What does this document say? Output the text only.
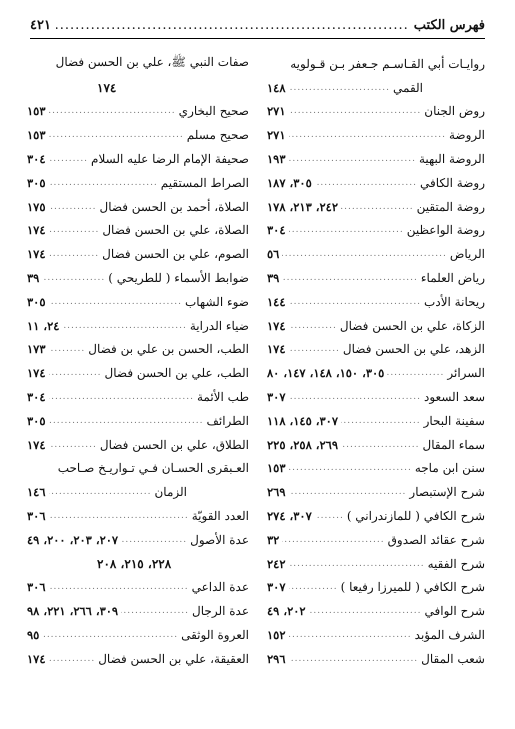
فهرس الكتب
.....
٤٢١
روايـات أبي القـاسـم جـعفر بـن قـولويه
القمي
.....
١٤٨
روض الجنان
.....
٢٧١
الروضة
.....
٢٧١
الروضة البهية
.....
١٩٣
روضة الكافي
.....
٣٠٥، ١٨٧
روضة المتقين
.....
٢٤٢، ٢١٣، ١٧٨
روضة الواعظين
.....
٣٠٤
الرياض
.....
٥٦
رياض العلماء
.....
٣٩
ريحانة الأدب
.....
١٤٤
الزكاة، علي بن الحسن فضال
.....
١٧٤
الزهد، علي بن الحسن فضال
.....
١٧٤
السرائر
.....
٣٠٥، ١٥٠، ١٤٨، ١٤٧، ٨٠
سعد السعود
.....
٣٠٧
سفينة البحار
.....
٣٠٧، ١٤٥، ١١٨
سماء المقال
.....
٢٦٩، ٢٥٨، ٢٢٥
سنن ابن ماجه
.....
١٥٣
شرح الإستبصار
.....
٢٦٩
شرح الكافي ( للمازندراني )
.....
٣٠٧، ٢٧٤
شرح عقائد الصدوق
.....
٣٢
شرح الفقيه
.....
٢٤٢
شرح الكافي ( للميرزا رفيعا )
.....
٣٠٧
شرح الوافي
.....
٢٠٢، ٤٩
الشرف المؤبد
.....
١٥٢
شعب المقال
.....
٢٩٦
صفات النبي ﷺ، علي بن الحسن فضال
١٧٤
صحيح البخاري
.....
١٥٣
صحيح مسلم
.....
١٥٣
صحيفة الإمام الرضا عليه السلام
.....
٣٠٤
الصراط المستقيم
.....
٣٠٥
الصلاة، أحمد بن الحسن فضال
.....
١٧٥
الصلاة، علي بن الحسن فضال
.....
١٧٤
الصوم، علي بن الحسن فضال
.....
١٧٤
ضوابط الأسماء ( للطريحي )
.....
٣٩
ضوء الشهاب
.....
٣٠٥
ضياء الدراية
.....
٢٤، ١١
الطب، الحسن بن علي بن فضال
.....
١٧٣
الطب، علي بن الحسن فضال
.....
١٧٤
طب الأئمة
.....
٣٠٤
الطرائف
.....
٣٠٥
الطلاق، علي بن الحسن فضال
.....
١٧٤
العـبقرى الحسـان فـي تـواريـخ صـاحب
الزمان
.....
١٤٦
العدد القويّة
.....
٣٠٦
عدة الأصول
.....
٢٠٧، ٢٠٣، ٢٠٠، ٤٩
٢٢٨، ٢١٥، ٢٠٨
عدة الداعي
.....
٣٠٦
عدة الرجال
.....
٣٠٩، ٢٦٦، ٢٢١، ٩٨
العروة الوثقى
.....
٩٥
العقيقة، علي بن الحسن فضال
.....
١٧٤
